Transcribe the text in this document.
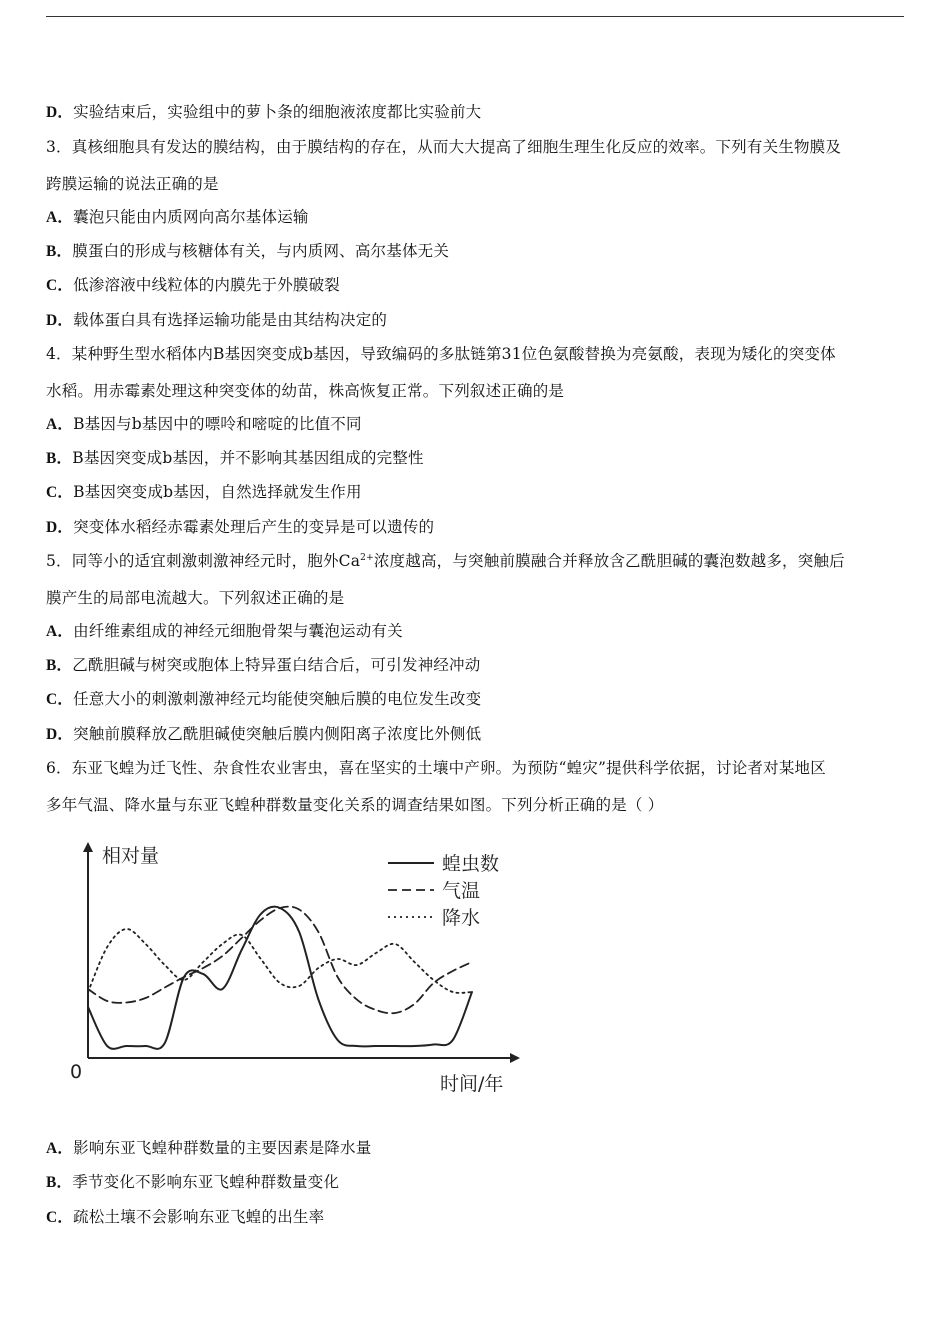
D．实验结束后，实验组中的萝卜条的细胞液浓度都比实验前大
3．真核细胞具有发达的膜结构，由于膜结构的存在，从而大大提高了细胞生理生化反应的效率。下列有关生物膜及
跨膜运输的说法正确的是
A．囊泡只能由内质网向高尔基体运输
B．膜蛋白的形成与核糖体有关，与内质网、高尔基体无关
C．低渗溶液中线粒体的内膜先于外膜破裂
D．载体蛋白具有选择运输功能是由其结构决定的
4．某种野生型水稻体内B基因突变成b基因，导致编码的多肽链第31位色氨酸替换为亮氨酸，表现为矮化的突变体
水稻。用赤霉素处理这种突变体的幼苗，株高恢复正常。下列叙述正确的是
A．B基因与b基因中的嘌呤和嘧啶的比值不同
B．B基因突变成b基因，并不影响其基因组成的完整性
C．B基因突变成b基因，自然选择就发生作用
D．突变体水稻经赤霉素处理后产生的变异是可以遗传的
5．同等小的适宜刺激刺激神经元时，胞外$Ca^{2+}$浓度越高，与突触前膜融合并释放含乙酰胆碱的囊泡数越多，突触后
膜产生的局部电流越大。下列叙述正确的是
A．由纤维素组成的神经元细胞骨架与囊泡运动有关
B．乙酰胆碱与树突或胞体上特异蛋白结合后，可引发神经冲动
C．任意大小的刺激刺激神经元均能使突触后膜的电位发生改变
D．突触前膜释放乙酰胆碱使突触后膜内侧阳离子浓度比外侧低
6．东亚飞蝗为迁飞性、杂食性农业害虫，喜在坚实的土壤中产卵。为预防“蝗灾”提供科学依据，讨论者对某地区
多年气温、降水量与东亚飞蝗种群数量变化关系的调查结果如图。下列分析正确的是（ ）
相对量
时间/年
0
蝗虫数
气温
降水
A．影响东亚飞蝗种群数量的主要因素是降水量
B．季节变化不影响东亚飞蝗种群数量变化
C．疏松土壤不会影响东亚飞蝗的出生率
